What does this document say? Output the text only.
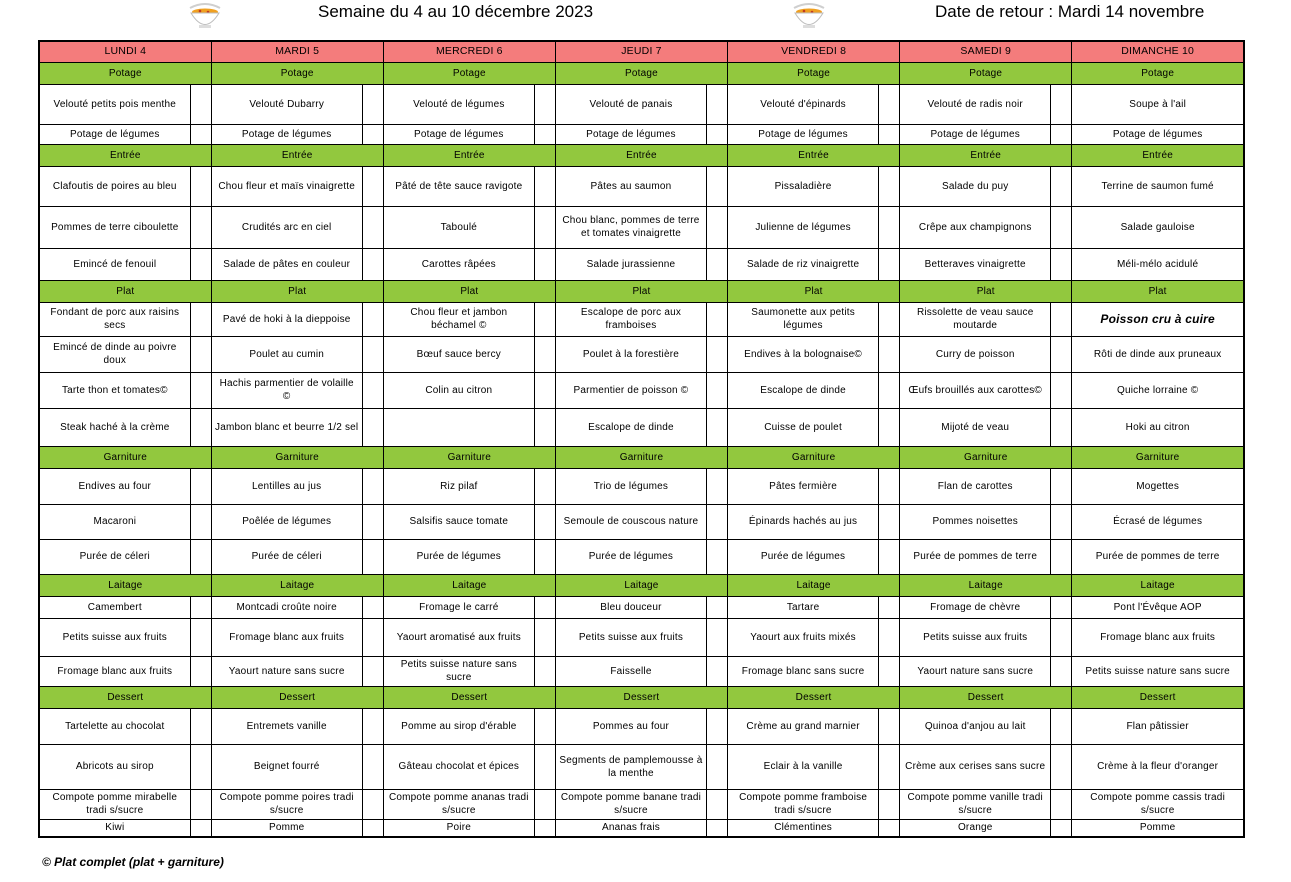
Semaine du 4 au 10 décembre 2023	Date de retour : Mardi 14 novembre
LUNDI 4		MARDI 5		MERCREDI 6		JEUDI 7		VENDREDI 8		SAMEDI 9		DIMANCHE 10
Potage		Potage		Potage		Potage		Potage		Potage		Potage
Velouté petits pois menthe		Velouté Dubarry		Velouté de légumes		Velouté de panais		Velouté d'épinards		Velouté de radis noir		Soupe à l'ail
Potage de légumes		Potage de légumes		Potage de légumes		Potage de légumes		Potage de légumes		Potage de légumes		Potage de légumes
Entrée		Entrée		Entrée		Entrée		Entrée		Entrée		Entrée
Clafoutis de poires au bleu		Chou fleur et maïs vinaigrette		Pâté de tête sauce ravigote		Pâtes au saumon		Pissaladière		Salade du puy		Terrine de saumon fumé
Pommes de terre ciboulette		Crudités arc en ciel		Taboulé		Chou blanc, pommes de terre et tomates vinaigrette		Julienne de légumes		Crêpe aux champignons		Salade gauloise
Emincé de fenouil		Salade de pâtes en couleur		Carottes râpées		Salade jurassienne		Salade de riz vinaigrette		Betteraves vinaigrette		Méli-mélo acidulé
Plat		Plat		Plat		Plat		Plat		Plat		Plat
Fondant de porc aux raisins secs		Pavé de hoki à la dieppoise		Chou fleur et jambon béchamel ©		Escalope de porc aux framboises		Saumonette aux petits légumes		Rissolette de veau sauce moutarde		Poisson cru à cuire
Emincé de dinde au poivre doux		Poulet au cumin		Bœuf sauce bercy		Poulet à la forestière		Endives à la bolognaise©		Curry de poisson		Rôti de dinde aux pruneaux
Tarte thon et tomates©		Hachis parmentier de volaille ©		Colin au citron		Parmentier de poisson ©		Escalope de dinde		Œufs brouillés aux carottes©		Quiche lorraine ©
Steak haché à la crème		Jambon blanc et beurre 1/2 sel				Escalope de dinde		Cuisse de poulet		Mijoté de veau		Hoki au citron
Garniture		Garniture		Garniture		Garniture		Garniture		Garniture		Garniture
Endives au four		Lentilles au jus		Riz pilaf		Trio de légumes		Pâtes fermière		Flan de carottes		Mogettes
Macaroni		Poêlée de légumes		Salsifis sauce tomate		Semoule de couscous nature		Épinards hachés au jus		Pommes noisettes		Écrasé de légumes
Purée de céleri		Purée de céleri		Purée de légumes		Purée de légumes		Purée de légumes		Purée de pommes de terre		Purée de pommes de terre
Laitage		Laitage		Laitage		Laitage		Laitage		Laitage		Laitage
Camembert		Montcadi croûte noire		Fromage le carré		Bleu douceur		Tartare		Fromage de chèvre		Pont l'Évêque AOP
Petits suisse aux fruits		Fromage blanc aux fruits		Yaourt aromatisé aux fruits		Petits suisse aux fruits		Yaourt aux fruits mixés		Petits suisse aux fruits		Fromage blanc aux fruits
Fromage blanc aux fruits		Yaourt nature sans sucre		Petits suisse nature sans sucre		Faisselle		Fromage blanc sans sucre		Yaourt nature sans sucre		Petits suisse nature sans sucre
Dessert		Dessert		Dessert		Dessert		Dessert		Dessert		Dessert
Tartelette au chocolat		Entremets vanille		Pomme au sirop d'érable		Pommes au four		Crème au grand marnier		Quinoa d'anjou au lait		Flan pâtissier
Abricots au sirop		Beignet fourré		Gâteau chocolat et épices		Segments de pamplemousse à la menthe		Eclair à la vanille		Crème aux cerises sans sucre		Crème à la fleur d'oranger
Compote pomme mirabelle tradi s/sucre		Compote pomme poires tradi s/sucre		Compote pomme ananas tradi s/sucre		Compote pomme banane tradi s/sucre		Compote pomme framboise tradi s/sucre		Compote pomme vanille tradi s/sucre		Compote pomme cassis tradi s/sucre
Kiwi		Pomme		Poire		Ananas frais		Clémentines		Orange		Pomme
© Plat complet (plat + garniture)
